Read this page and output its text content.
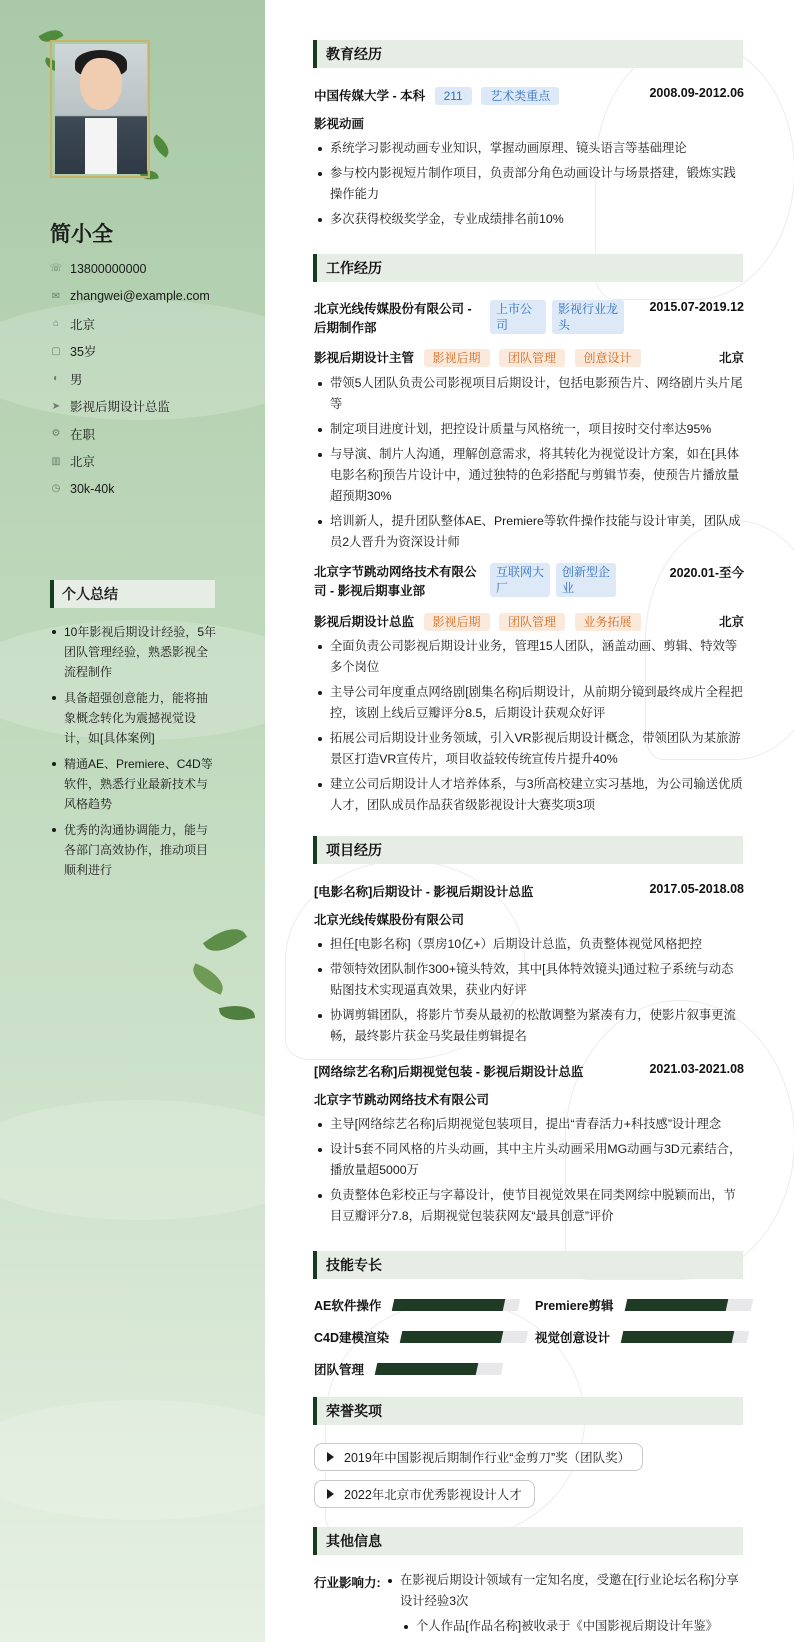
简小全
☏ 13800000000
✉ zhangwei@example.com
⌂ 北京
▢ 35岁
◐ 男
➤ 影视后期设计总监
⚙ 在职
▥ 北京
◷ 30k-40k
个人总结
10年影视后期设计经验，5年团队管理经验，熟悉影视全流程制作
具备超强创意能力，能将抽象概念转化为震撼视觉设计，如[具体案例]
精通AE、Premiere、C4D等软件，熟悉行业最新技术与风格趋势
优秀的沟通协调能力，能与各部门高效协作，推动项目顺利进行
教育经历
中国传媒大学 - 本科 211 艺术类重点	2008.09-2012.06
影视动画
系统学习影视动画专业知识，掌握动画原理、镜头语言等基础理论
参与校内影视短片制作项目，负责部分角色动画设计与场景搭建，锻炼实践操作能力
多次获得校级奖学金，专业成绩排名前10%
工作经历
北京光线传媒股份有限公司 - 后期制作部
上市公司
影视行业龙头
2015.07-2019.12
影视后期设计主管 影视后期 团队管理 创意设计	北京
带领5人团队负责公司影视项目后期设计，包括电影预告片、网络剧片头片尾等
制定项目进度计划，把控设计质量与风格统一，项目按时交付率达95%
与导演、制片人沟通，理解创意需求，将其转化为视觉设计方案，如在[具体电影名称]预告片设计中，通过独特的色彩搭配与剪辑节奏，使预告片播放量超预期30%
培训新人，提升团队整体AE、Premiere等软件操作技能与设计审美，团队成员2人晋升为资深设计师
北京字节跳动网络技术有限公司 - 影视后期事业部
互联网大厂
创新型企业
2020.01-至今
影视后期设计总监 影视后期 团队管理 业务拓展	北京
全面负责公司影视后期设计业务，管理15人团队，涵盖动画、剪辑、特效等多个岗位
主导公司年度重点网络剧[剧集名称]后期设计，从前期分镜到最终成片全程把控，该剧上线后豆瓣评分8.5，后期设计获观众好评
拓展公司后期设计业务领域，引入VR影视后期设计概念，带领团队为某旅游景区打造VR宣传片，项目收益较传统宣传片提升40%
建立公司后期设计人才培养体系，与3所高校建立实习基地，为公司输送优质人才，团队成员作品获省级影视设计大赛奖项3项
项目经历
[电影名称]后期设计 - 影视后期设计总监	2017.05-2018.08
北京光线传媒股份有限公司
担任[电影名称]（票房10亿+）后期设计总监，负责整体视觉风格把控
带领特效团队制作300+镜头特效，其中[具体特效镜头]通过粒子系统与动态贴图技术实现逼真效果，获业内好评
协调剪辑团队，将影片节奏从最初的松散调整为紧凑有力，使影片叙事更流畅，最终影片获金马奖最佳剪辑提名
[网络综艺名称]后期视觉包装 - 影视后期设计总监	2021.03-2021.08
北京字节跳动网络技术有限公司
主导[网络综艺名称]后期视觉包装项目，提出“青春活力+科技感”设计理念
设计5套不同风格的片头动画，其中主片头动画采用MG动画与3D元素结合，播放量超5000万
负责整体色彩校正与字幕设计，使节目视觉效果在同类网综中脱颖而出，节目豆瓣评分7.8，后期视觉包装获网友“最具创意”评价
技能专长
AE软件操作	Premiere剪辑
C4D建模渲染	视觉创意设计
团队管理
荣誉奖项
2019年中国影视后期制作行业“金剪刀”奖（团队奖）
2022年北京市优秀影视设计人才
其他信息
行业影响力:	在影视后期设计领域有一定知名度，受邀在[行业论坛名称]分享设计经验3次
个人作品[作品名称]被收录于《中国影视后期设计年鉴》
